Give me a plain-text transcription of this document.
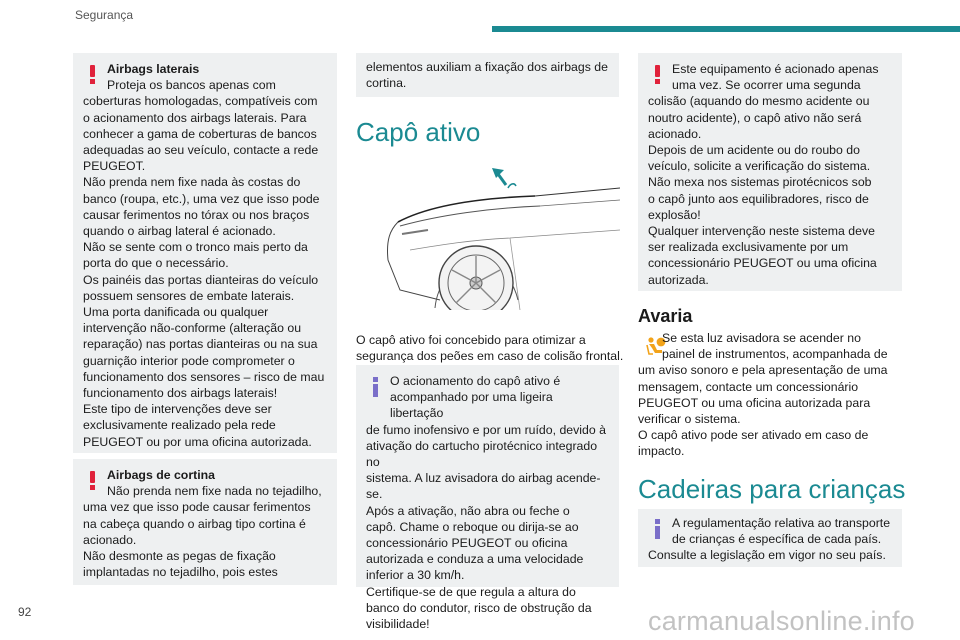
Segurança

Airbags laterais

Proteja os bancos apenas com
coberturas homologadas, compatíveis com
o acionamento dos airbags laterais. Para
conhecer a gama de coberturas de bancos
adequadas ao seu veículo, contacte a rede
PEUGEOT.
Não prenda nem fixe nada às costas do
banco (roupa, etc.), uma vez que isso pode
causar ferimentos no tórax ou nos braços
quando o airbag lateral é acionado.
Não se sente com o tronco mais perto da
porta do que o necessário.
Os painéis das portas dianteiras do veículo
possuem sensores de embate laterais.
Uma porta danificada ou qualquer
intervenção não-conforme (alteração ou
reparação) nas portas dianteiras ou na sua
guarnição interior pode comprometer o
funcionamento dos sensores – risco de mau
funcionamento dos airbags laterais!
Este tipo de intervenções deve ser
exclusivamente realizado pela rede
PEUGEOT ou por uma oficina autorizada.

Airbags de cortina

Não prenda nem fixe nada no tejadilho,
uma vez que isso pode causar ferimentos
na cabeça quando o airbag tipo cortina é
acionado.
Não desmonte as pegas de fixação
implantadas no tejadilho, pois estes
elementos auxiliam a fixação dos airbags de
cortina.
Capô ativo
O capô ativo foi concebido para otimizar a
segurança dos peões em caso de colisão frontal.
O acionamento do capô ativo é
acompanhado por uma ligeira libertação
de fumo inofensivo e por um ruído, devido à
ativação do cartucho pirotécnico integrado no
sistema. A luz avisadora do airbag acende-se.
Após a ativação, não abra ou feche o
capô. Chame o reboque ou dirija-se ao
concessionário PEUGEOT ou oficina
autorizada e conduza a uma velocidade
inferior a 30 km/h.
Certifique-se de que regula a altura do
banco do condutor, risco de obstrução da
visibilidade!
Este equipamento é acionado apenas
uma vez. Se ocorrer uma segunda
colisão (aquando do mesmo acidente ou
noutro acidente), o capô ativo não será
acionado.
Depois de um acidente ou do roubo do
veículo, solicite a verificação do sistema.
Não mexa nos sistemas pirotécnicos sob
o capô junto aos equilibradores, risco de
explosão!
Qualquer intervenção neste sistema deve
ser realizada exclusivamente por um
concessionário PEUGEOT ou uma oficina
autorizada.
Avaria
Se esta luz avisadora se acender no
painel de instrumentos, acompanhada de
um aviso sonoro e pela apresentação de uma
mensagem, contacte um concessionário
PEUGEOT ou uma oficina autorizada para
verificar o sistema.
O capô ativo pode ser ativado em caso de
impacto.
Cadeiras para crianças
A regulamentação relativa ao transporte
de crianças é específica de cada país.
Consulte a legislação em vigor no seu país.
92	carmanualsonline.info
